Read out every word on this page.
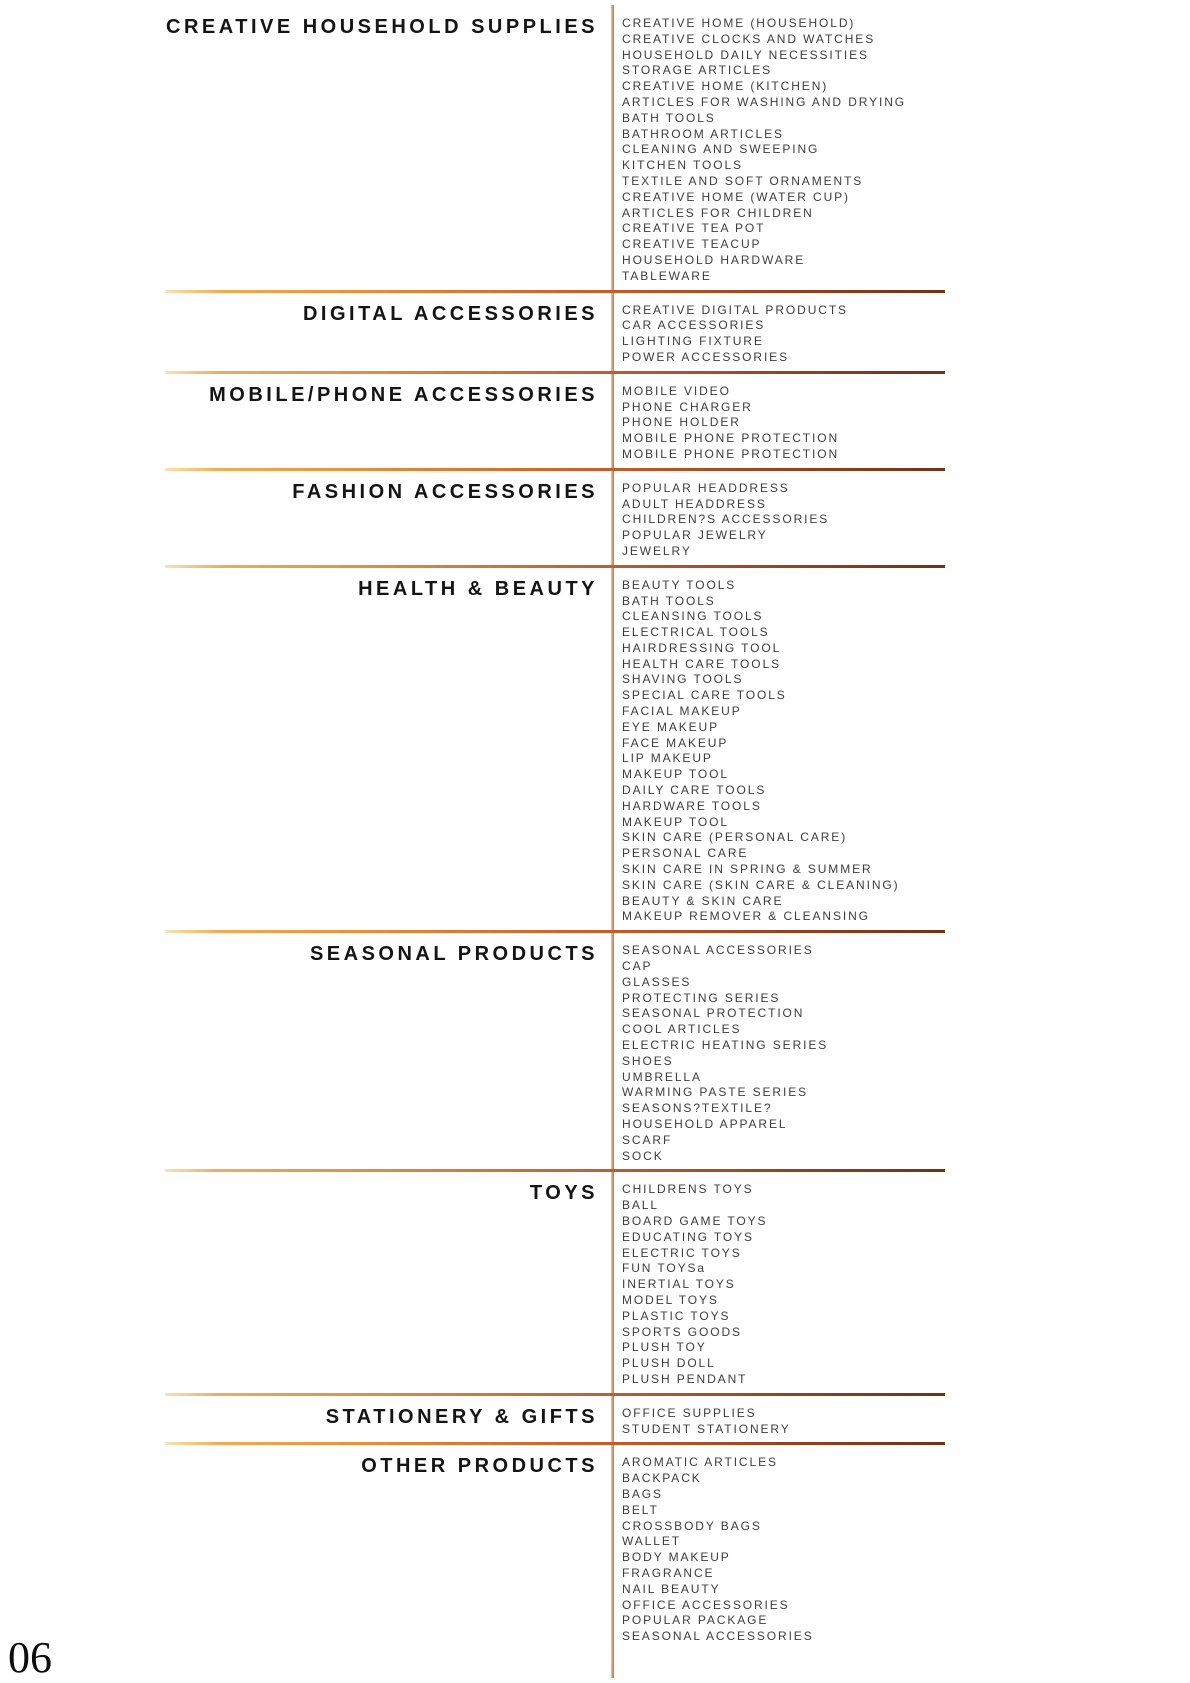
CREATIVE HOUSEHOLD SUPPLIES CREATIVE HOME (HOUSEHOLD)
CREATIVE CLOCKS AND WATCHES
HOUSEHOLD DAILY NECESSITIES
STORAGE ARTICLES
CREATIVE HOME (KITCHEN)
ARTICLES FOR WASHING AND DRYING
BATH TOOLS
BATHROOM ARTICLES
CLEANING AND SWEEPING
KITCHEN TOOLS
TEXTILE AND SOFT ORNAMENTS
CREATIVE HOME (WATER CUP)
ARTICLES FOR CHILDREN
CREATIVE TEA POT
CREATIVE TEACUP
HOUSEHOLD HARDWARE
TABLEWARE
DIGITAL ACCESSORIES CREATIVE DIGITAL PRODUCTS
CAR ACCESSORIES
LIGHTING FIXTURE
POWER ACCESSORIES
MOBILE/PHONE ACCESSORIES MOBILE VIDEO
PHONE CHARGER
PHONE HOLDER
MOBILE PHONE PROTECTION
MOBILE PHONE PROTECTION
FASHION ACCESSORIES POPULAR HEADDRESS
ADULT HEADDRESS
CHILDREN?S ACCESSORIES
POPULAR JEWELRY
JEWELRY
HEALTH & BEAUTY BEAUTY TOOLS
BATH TOOLS
CLEANSING TOOLS
ELECTRICAL TOOLS
HAIRDRESSING TOOL
HEALTH CARE TOOLS
SHAVING TOOLS
SPECIAL CARE TOOLS
FACIAL MAKEUP
EYE MAKEUP
FACE MAKEUP
LIP MAKEUP
MAKEUP TOOL
DAILY CARE TOOLS
HARDWARE TOOLS
MAKEUP TOOL
SKIN CARE (PERSONAL CARE)
PERSONAL CARE
SKIN CARE IN SPRING & SUMMER
SKIN CARE (SKIN CARE & CLEANING)
BEAUTY & SKIN CARE
MAKEUP REMOVER & CLEANSING
SEASONAL PRODUCTS SEASONAL ACCESSORIES
CAP
GLASSES
PROTECTING SERIES
SEASONAL PROTECTION
COOL ARTICLES
ELECTRIC HEATING SERIES
SHOES
UMBRELLA
WARMING PASTE SERIES
SEASONS?TEXTILE?
HOUSEHOLD APPAREL
SCARF
SOCK
TOYS CHILDRENS TOYS
BALL
BOARD GAME TOYS
EDUCATING TOYS
ELECTRIC TOYS
FUN TOYSa
INERTIAL TOYS
MODEL TOYS
PLASTIC TOYS
SPORTS GOODS
PLUSH TOY
PLUSH DOLL
PLUSH PENDANT
STATIONERY & GIFTS OFFICE SUPPLIES
STUDENT STATIONERY
OTHER PRODUCTS AROMATIC ARTICLES
BACKPACK
BAGS
BELT
CROSSBODY BAGS
WALLET
BODY MAKEUP
FRAGRANCE
NAIL BEAUTY
OFFICE ACCESSORIES
POPULAR PACKAGE
SEASONAL ACCESSORIES
06
